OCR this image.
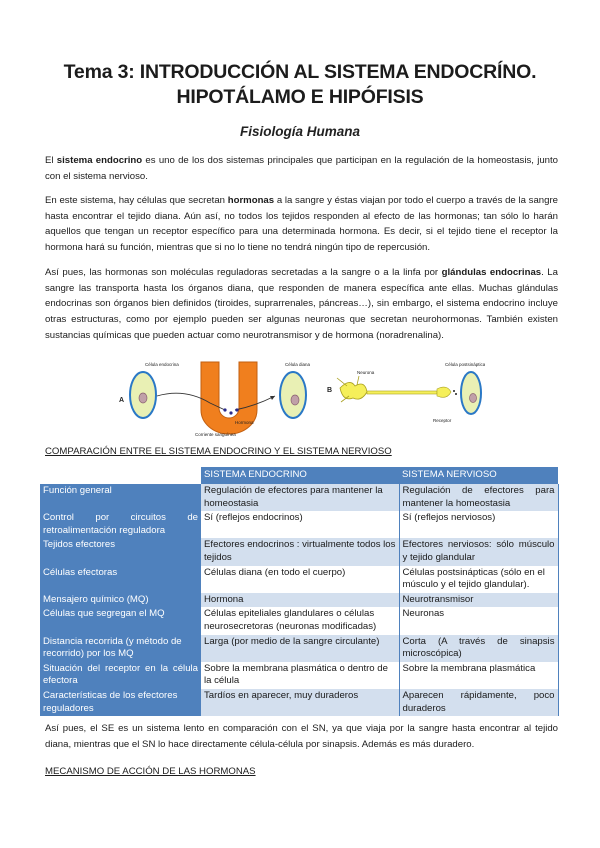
Tema 3: INTRODUCCIÓN AL SISTEMA ENDOCRÍNO.
HIPOTÁLAMO E HIPÓFISIS
Fisiología Humana

El sistema endocrino es uno de los dos sistemas principales que participan en la regulación de la homeostasis, junto con el sistema nervioso.

En este sistema, hay células que secretan hormonas a la sangre y éstas viajan por todo el cuerpo a través de la sangre hasta encontrar el tejido diana. Aún así, no todos los tejidos responden al efecto de las hormonas; tan sólo lo harán aquellos que tengan un receptor específico para una determinada hormona. Es decir, si el tejido tiene el receptor la hormona hará su función, mientras que si no lo tiene no tendrá ningún tipo de repercusión.

Así pues, las hormonas son moléculas reguladoras secretadas a la sangre o a la linfa por glándulas endocrinas. La sangre las transporta hasta los órganos diana, que responden de manera específica ante ellas. Muchas glándulas endocrinas son órganos bien definidos (tiroides, suprarrenales, páncreas…), sin embargo, el sistema endocrino incluye otras estructuras, como por ejemplo pueden ser algunas neuronas que secretan neurohormonas. También existen sustancias químicas que pueden actuar como neurotransmisor y de hormona (noradrenalina).

A
Célula endocrina	Célula diana
Hormona
Corriente sanguínea
B
Neurona
Célula postsináptica
Receptor
COMPARACIÓN ENTRE EL SISTEMA ENDOCRINO Y EL SISTEMA NERVIOSO
	SISTEMA ENDOCRINO	SISTEMA NERVIOSO
Función general	Regulación de efectores para mantener la homeostasia	Regulación de efectores para mantener la homeostasia
Control por circuitos de retroalimentación reguladora	Sí (reflejos endocrinos)	Sí (reflejos nerviosos)
Tejidos efectores	Efectores endocrinos : virtualmente todos los tejidos	Efectores nerviosos: sólo músculo y tejido glandular
Células efectoras	Células diana (en todo el cuerpo)	Células postsinápticas (sólo en el músculo y el tejido glandular).
Mensajero químico (MQ)	Hormona	Neurotransmisor
Células que segregan el MQ	Células epiteliales glandulares o células neurosecretoras (neuronas modificadas)	Neuronas
Distancia recorrida (y método de recorrido) por los MQ	Larga (por medio de la sangre circulante)	Corta (A través de sinapsis microscópica)
Situación del receptor en la célula efectora	Sobre la membrana plasmática o dentro de la célula	Sobre la membrana plasmática
Características de los efectores reguladores	Tardíos en aparecer, muy duraderos	Aparecen rápidamente, poco duraderos

Así pues, el SE es un sistema lento en comparación con el SN, ya que viaja por la sangre hasta encontrar al tejido diana, mientras que el SN lo hace directamente célula-célula por sinapsis. Además es más duradero.

MECANISMO DE ACCIÓN DE LAS HORMONAS
